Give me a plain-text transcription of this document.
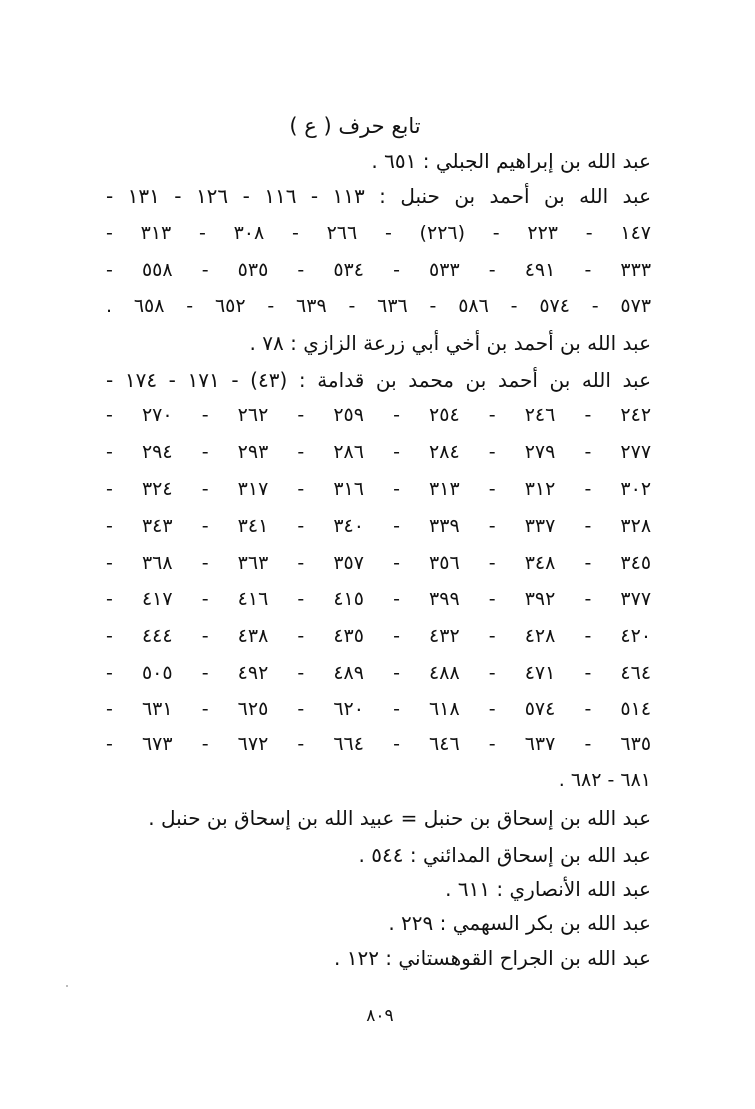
تابع حرف ( ع )
عبد الله بن إبراهيم الجبلي : ٦٥١ .
عبد الله بن أحمد بن حنبل : ١١٣ - ١١٦ - ١٢٦ - ١٣١ -
١٤٧ - ٢٢٣ - (٢٢٦) - ٢٦٦ - ٣٠٨ - ٣١٣ -
٣٣٣ - ٤٩١ - ٥٣٣ - ٥٣٤ - ٥٣٥ - ٥٥٨ -
٥٧٣ - ٥٧٤ - ٥٨٦ - ٦٣٦ - ٦٣٩ - ٦٥٢ - ٦٥٨ .
عبد الله بن أحمد بن أخي أبي زرعة الزازي : ٧٨ .
عبد الله بن أحمد بن محمد بن قدامة : (٤٣) - ١٧١ - ١٧٤ -
٢٤٢ - ٢٤٦ - ٢٥٤ - ٢٥٩ - ٢٦٢ - ٢٧٠ -
٢٧٧ - ٢٧٩ - ٢٨٤ - ٢٨٦ - ٢٩٣ - ٢٩٤ -
٣٠٢ - ٣١٢ - ٣١٣ - ٣١٦ - ٣١٧ - ٣٢٤ -
٣٢٨ - ٣٣٧ - ٣٣٩ - ٣٤٠ - ٣٤١ - ٣٤٣ -
٣٤٥ - ٣٤٨ - ٣٥٦ - ٣٥٧ - ٣٦٣ - ٣٦٨ -
٣٧٧ - ٣٩٢ - ٣٩٩ - ٤١٥ - ٤١٦ - ٤١٧ -
٤٢٠ - ٤٢٨ - ٤٣٢ - ٤٣٥ - ٤٣٨ - ٤٤٤ -
٤٦٤ - ٤٧١ - ٤٨٨ - ٤٨٩ - ٤٩٢ - ٥٠٥ -
٥١٤ - ٥٧٤ - ٦١٨ - ٦٢٠ - ٦٢٥ - ٦٣١ -
٦٣٥ - ٦٣٧ - ٦٤٦ - ٦٦٤ - ٦٧٢ - ٦٧٣ -
٦٨١ - ٦٨٢ .
عبد الله بن إسحاق بن حنبل = عبيد الله بن إسحاق بن حنبل .
عبد الله بن إسحاق المدائني : ٥٤٤ .
عبد الله الأنصاري : ٦١١ .
عبد الله بن بكر السهمي : ٢٢٩ .
عبد الله بن الجراح القوهستاني : ١٢٢ .
٨٠٩
